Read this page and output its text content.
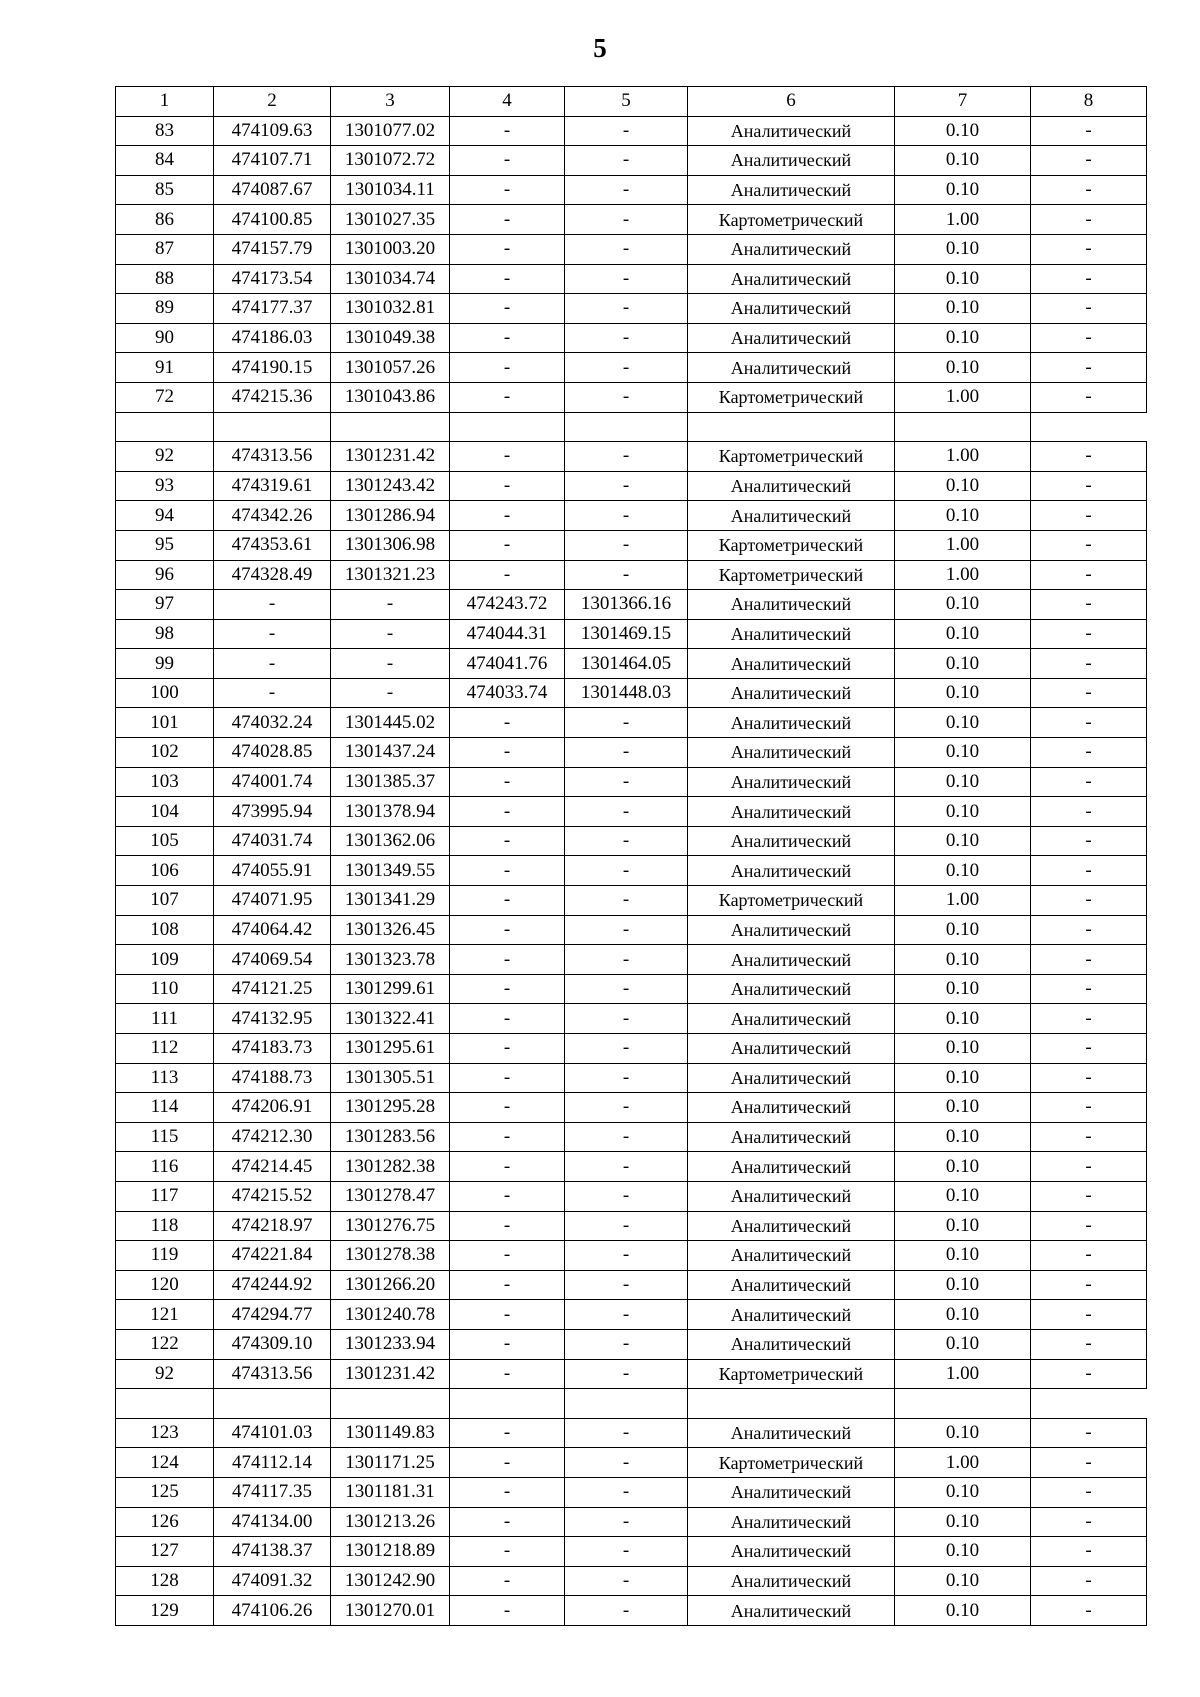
5
1	2	3	4	5	6	7	8
83	474109.63	1301077.02	-	-	Аналитический	0.10	-
84	474107.71	1301072.72	-	-	Аналитический	0.10	-
85	474087.67	1301034.11	-	-	Аналитический	0.10	-
86	474100.85	1301027.35	-	-	Картометрический	1.00	-
87	474157.79	1301003.20	-	-	Аналитический	0.10	-
88	474173.54	1301034.74	-	-	Аналитический	0.10	-
89	474177.37	1301032.81	-	-	Аналитический	0.10	-
90	474186.03	1301049.38	-	-	Аналитический	0.10	-
91	474190.15	1301057.26	-	-	Аналитический	0.10	-
72	474215.36	1301043.86	-	-	Картометрический	1.00	-

92	474313.56	1301231.42	-	-	Картометрический	1.00	-
93	474319.61	1301243.42	-	-	Аналитический	0.10	-
94	474342.26	1301286.94	-	-	Аналитический	0.10	-
95	474353.61	1301306.98	-	-	Картометрический	1.00	-
96	474328.49	1301321.23	-	-	Картометрический	1.00	-
97	-	-	474243.72	1301366.16	Аналитический	0.10	-
98	-	-	474044.31	1301469.15	Аналитический	0.10	-
99	-	-	474041.76	1301464.05	Аналитический	0.10	-
100	-	-	474033.74	1301448.03	Аналитический	0.10	-
101	474032.24	1301445.02	-	-	Аналитический	0.10	-
102	474028.85	1301437.24	-	-	Аналитический	0.10	-
103	474001.74	1301385.37	-	-	Аналитический	0.10	-
104	473995.94	1301378.94	-	-	Аналитический	0.10	-
105	474031.74	1301362.06	-	-	Аналитический	0.10	-
106	474055.91	1301349.55	-	-	Аналитический	0.10	-
107	474071.95	1301341.29	-	-	Картометрический	1.00	-
108	474064.42	1301326.45	-	-	Аналитический	0.10	-
109	474069.54	1301323.78	-	-	Аналитический	0.10	-
110	474121.25	1301299.61	-	-	Аналитический	0.10	-
111	474132.95	1301322.41	-	-	Аналитический	0.10	-
112	474183.73	1301295.61	-	-	Аналитический	0.10	-
113	474188.73	1301305.51	-	-	Аналитический	0.10	-
114	474206.91	1301295.28	-	-	Аналитический	0.10	-
115	474212.30	1301283.56	-	-	Аналитический	0.10	-
116	474214.45	1301282.38	-	-	Аналитический	0.10	-
117	474215.52	1301278.47	-	-	Аналитический	0.10	-
118	474218.97	1301276.75	-	-	Аналитический	0.10	-
119	474221.84	1301278.38	-	-	Аналитический	0.10	-
120	474244.92	1301266.20	-	-	Аналитический	0.10	-
121	474294.77	1301240.78	-	-	Аналитический	0.10	-
122	474309.10	1301233.94	-	-	Аналитический	0.10	-
92	474313.56	1301231.42	-	-	Картометрический	1.00	-

123	474101.03	1301149.83	-	-	Аналитический	0.10	-
124	474112.14	1301171.25	-	-	Картометрический	1.00	-
125	474117.35	1301181.31	-	-	Аналитический	0.10	-
126	474134.00	1301213.26	-	-	Аналитический	0.10	-
127	474138.37	1301218.89	-	-	Аналитический	0.10	-
128	474091.32	1301242.90	-	-	Аналитический	0.10	-
129	474106.26	1301270.01	-	-	Аналитический	0.10	-
